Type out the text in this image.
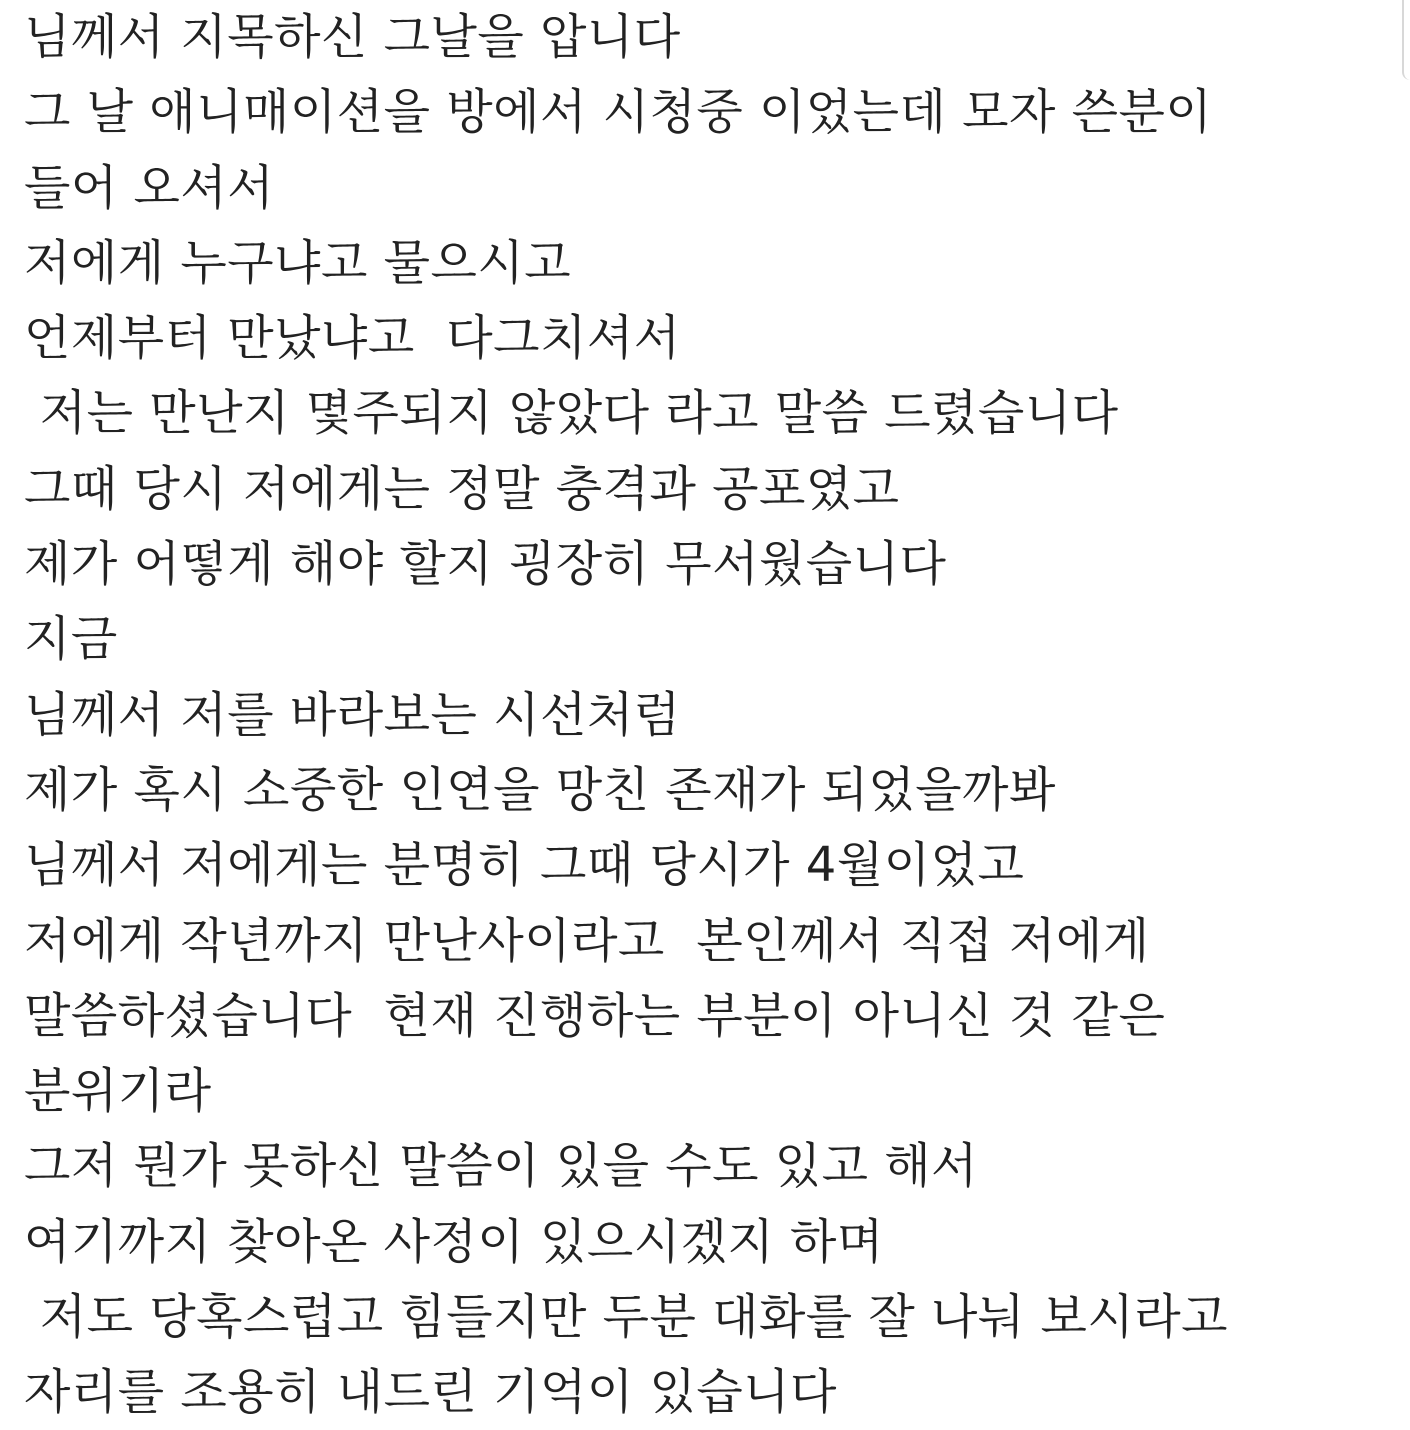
님께서 지목하신 그날을 압니다
그 날 애니매이션을 방에서 시청중 이었는데 모자 쓴분이
들어 오셔서
저에게 누구냐고 물으시고
언제부터 만났냐고  다그치셔서
저는 만난지 몇주되지 않았다 라고 말씀 드렸습니다
그때 당시 저에게는 정말 충격과 공포였고
제가 어떻게 해야 할지 굉장히 무서웠습니다
지금
님께서 저를 바라보는 시선처럼
제가 혹시 소중한 인연을 망친 존재가 되었을까봐
님께서 저에게는 분명히 그때 당시가 4월이었고
저에게 작년까지 만난사이라고  본인께서 직접 저에게
말씀하셨습니다  현재 진행하는 부분이 아니신 것 같은
분위기라
그저 뭔가 못하신 말씀이 있을 수도 있고 해서
여기까지 찾아온 사정이 있으시겠지 하며
저도 당혹스럽고 힘들지만 두분 대화를 잘 나눠 보시라고
자리를 조용히 내드린 기억이 있습니다
